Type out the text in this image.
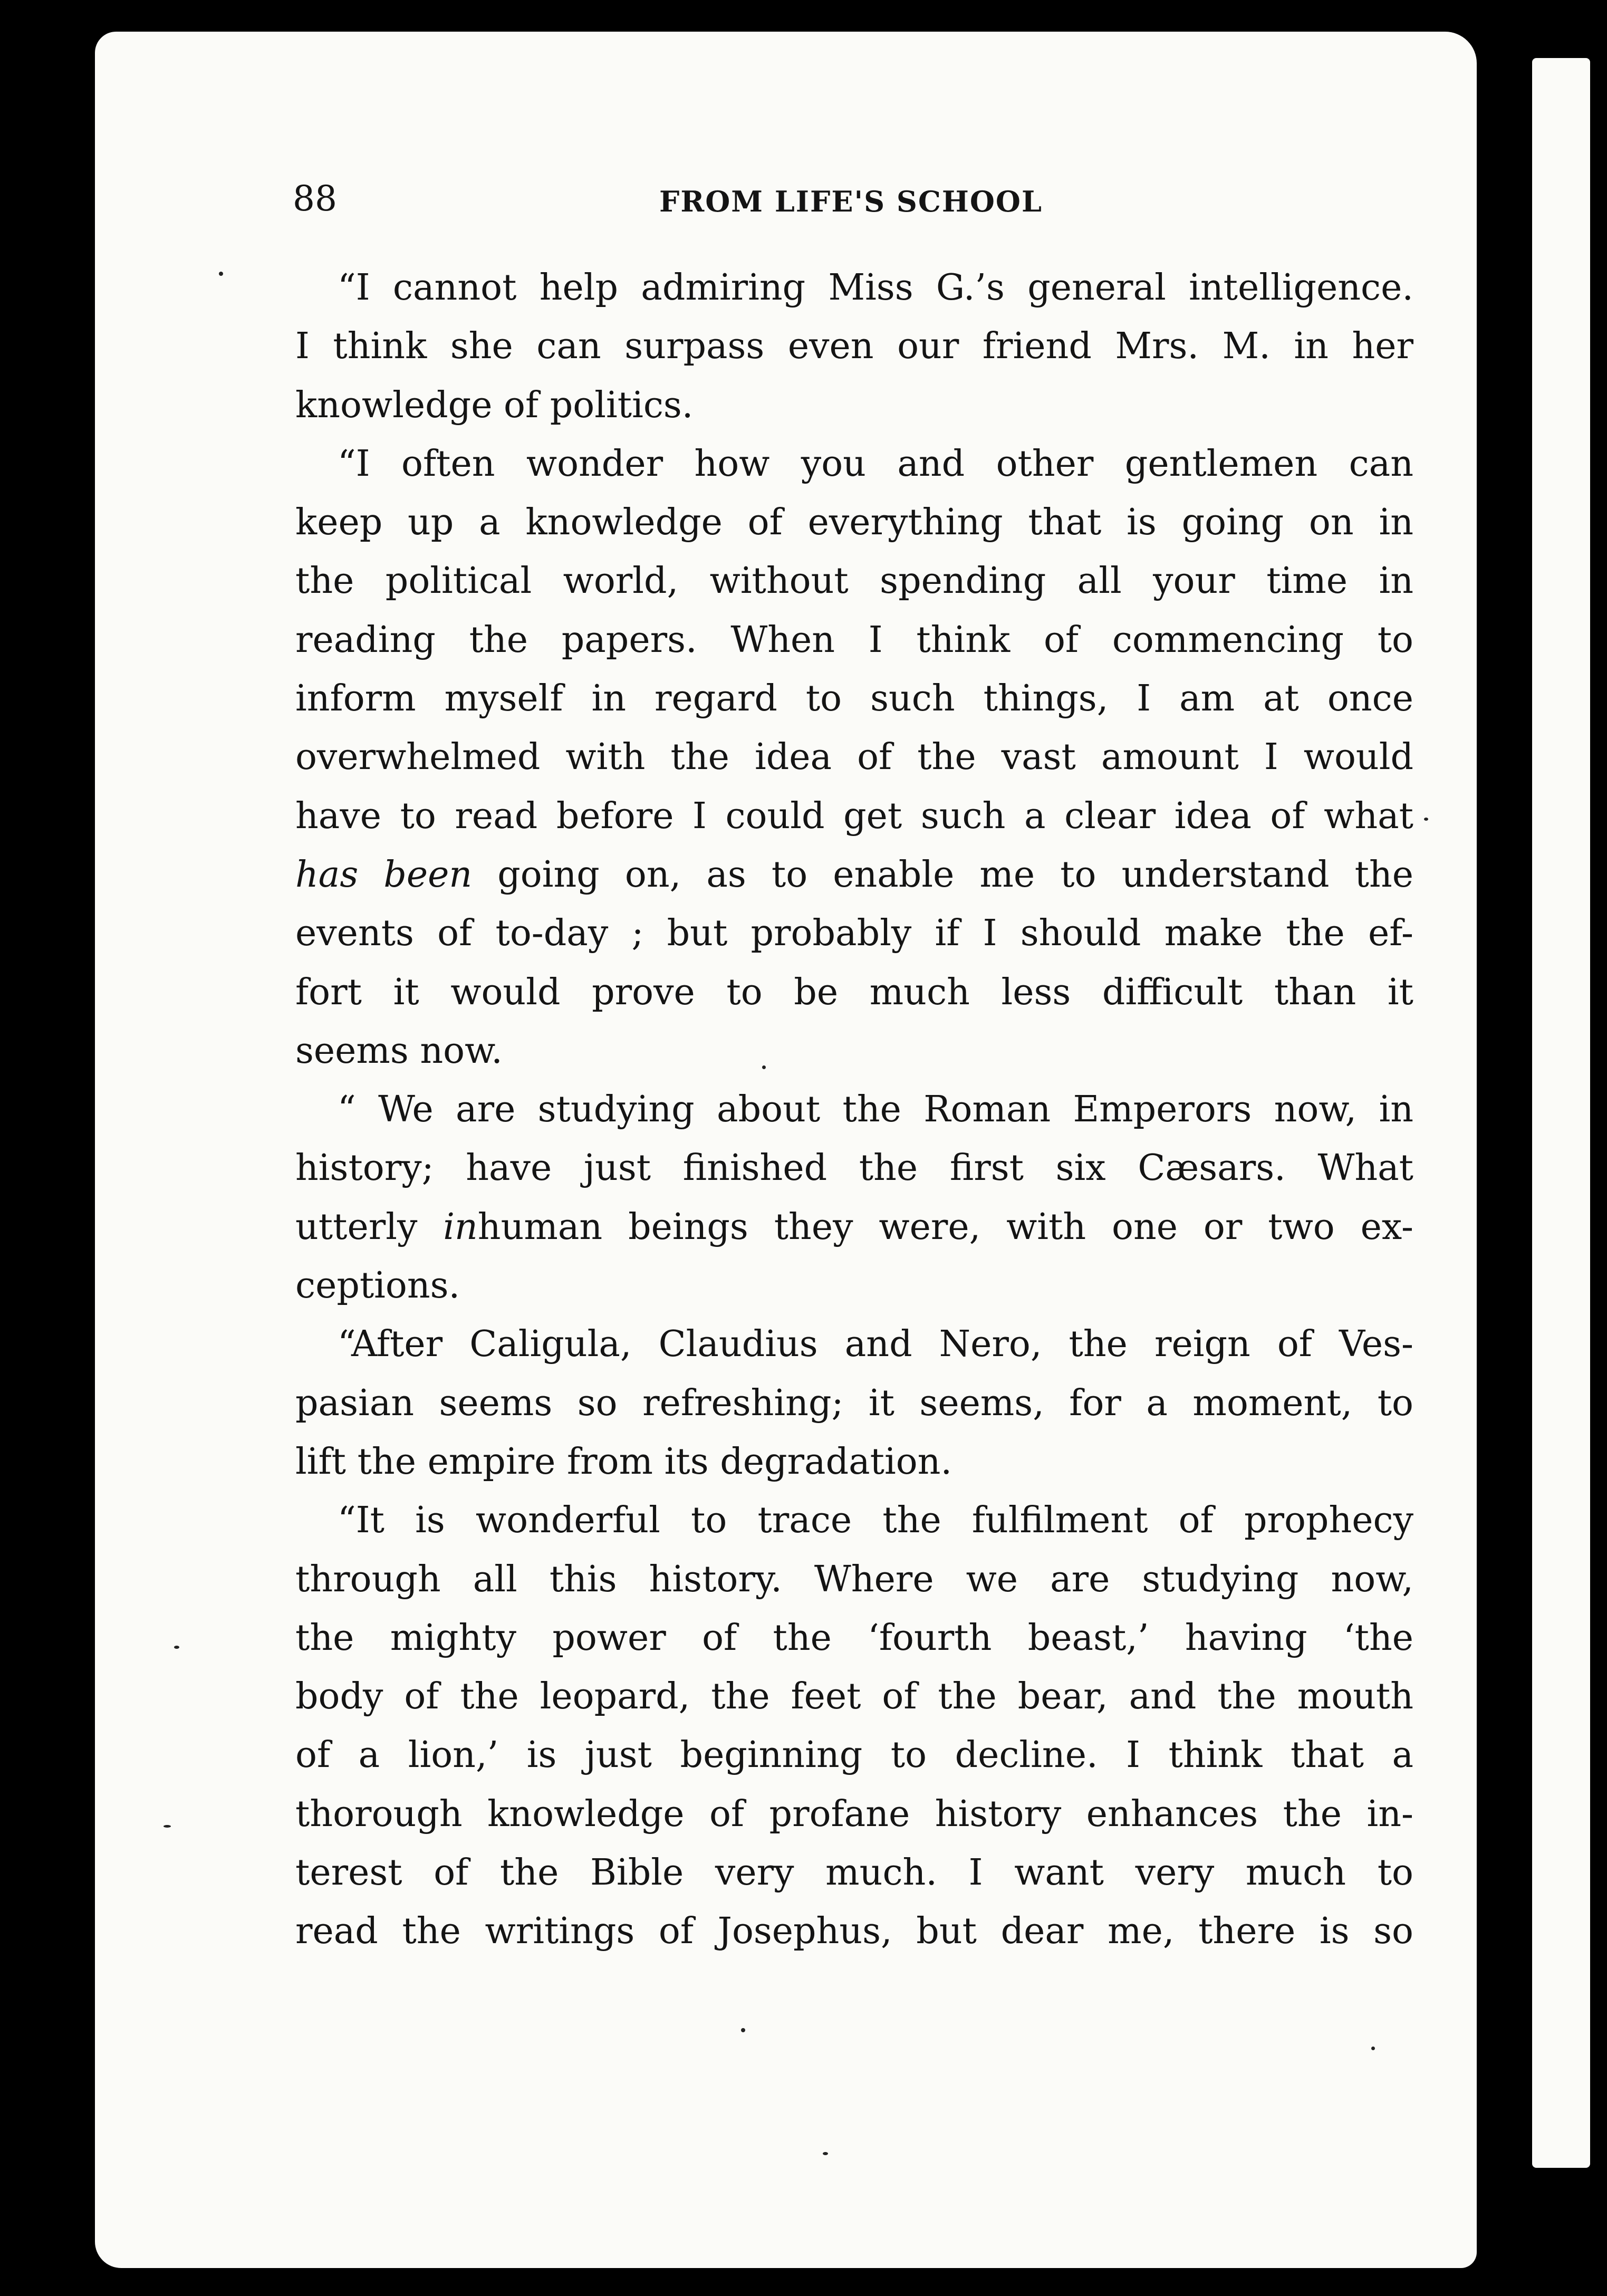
88	FROM LIFE'S SCHOOL
“I cannot help admiring Miss G.’s general intelligence.
I think she can surpass even our friend Mrs. M. in her
knowledge of politics.
“I often wonder how you and other gentlemen can
keep up a knowledge of everything that is going on in
the political world, without spending all your time in
reading the papers. When I think of commencing to
inform myself in regard to such things, I am at once
overwhelmed with the idea of the vast amount I would
have to read before I could get such a clear idea of what
has been going on, as to enable me to understand the
events of to-day ; but probably if I should make the ef-
fort it would prove to be much less difficult than it
seems now.
“ We are studying about the Roman Emperors now, in
history; have just finished the first six Cæsars. What
utterly inhuman beings they were, with one or two ex-
ceptions.
“After Caligula, Claudius and Nero, the reign of Ves-
pasian seems so refreshing; it seems, for a moment, to
lift the empire from its degradation.
“It is wonderful to trace the fulfilment of prophecy
through all this history. Where we are studying now,
the mighty power of the ‘fourth beast,’ having ‘the
body of the leopard, the feet of the bear, and the mouth
of a lion,’ is just beginning to decline. I think that a
thorough knowledge of profane history enhances the in-
terest of the Bible very much. I want very much to
read the writings of Josephus, but dear me, there is so
